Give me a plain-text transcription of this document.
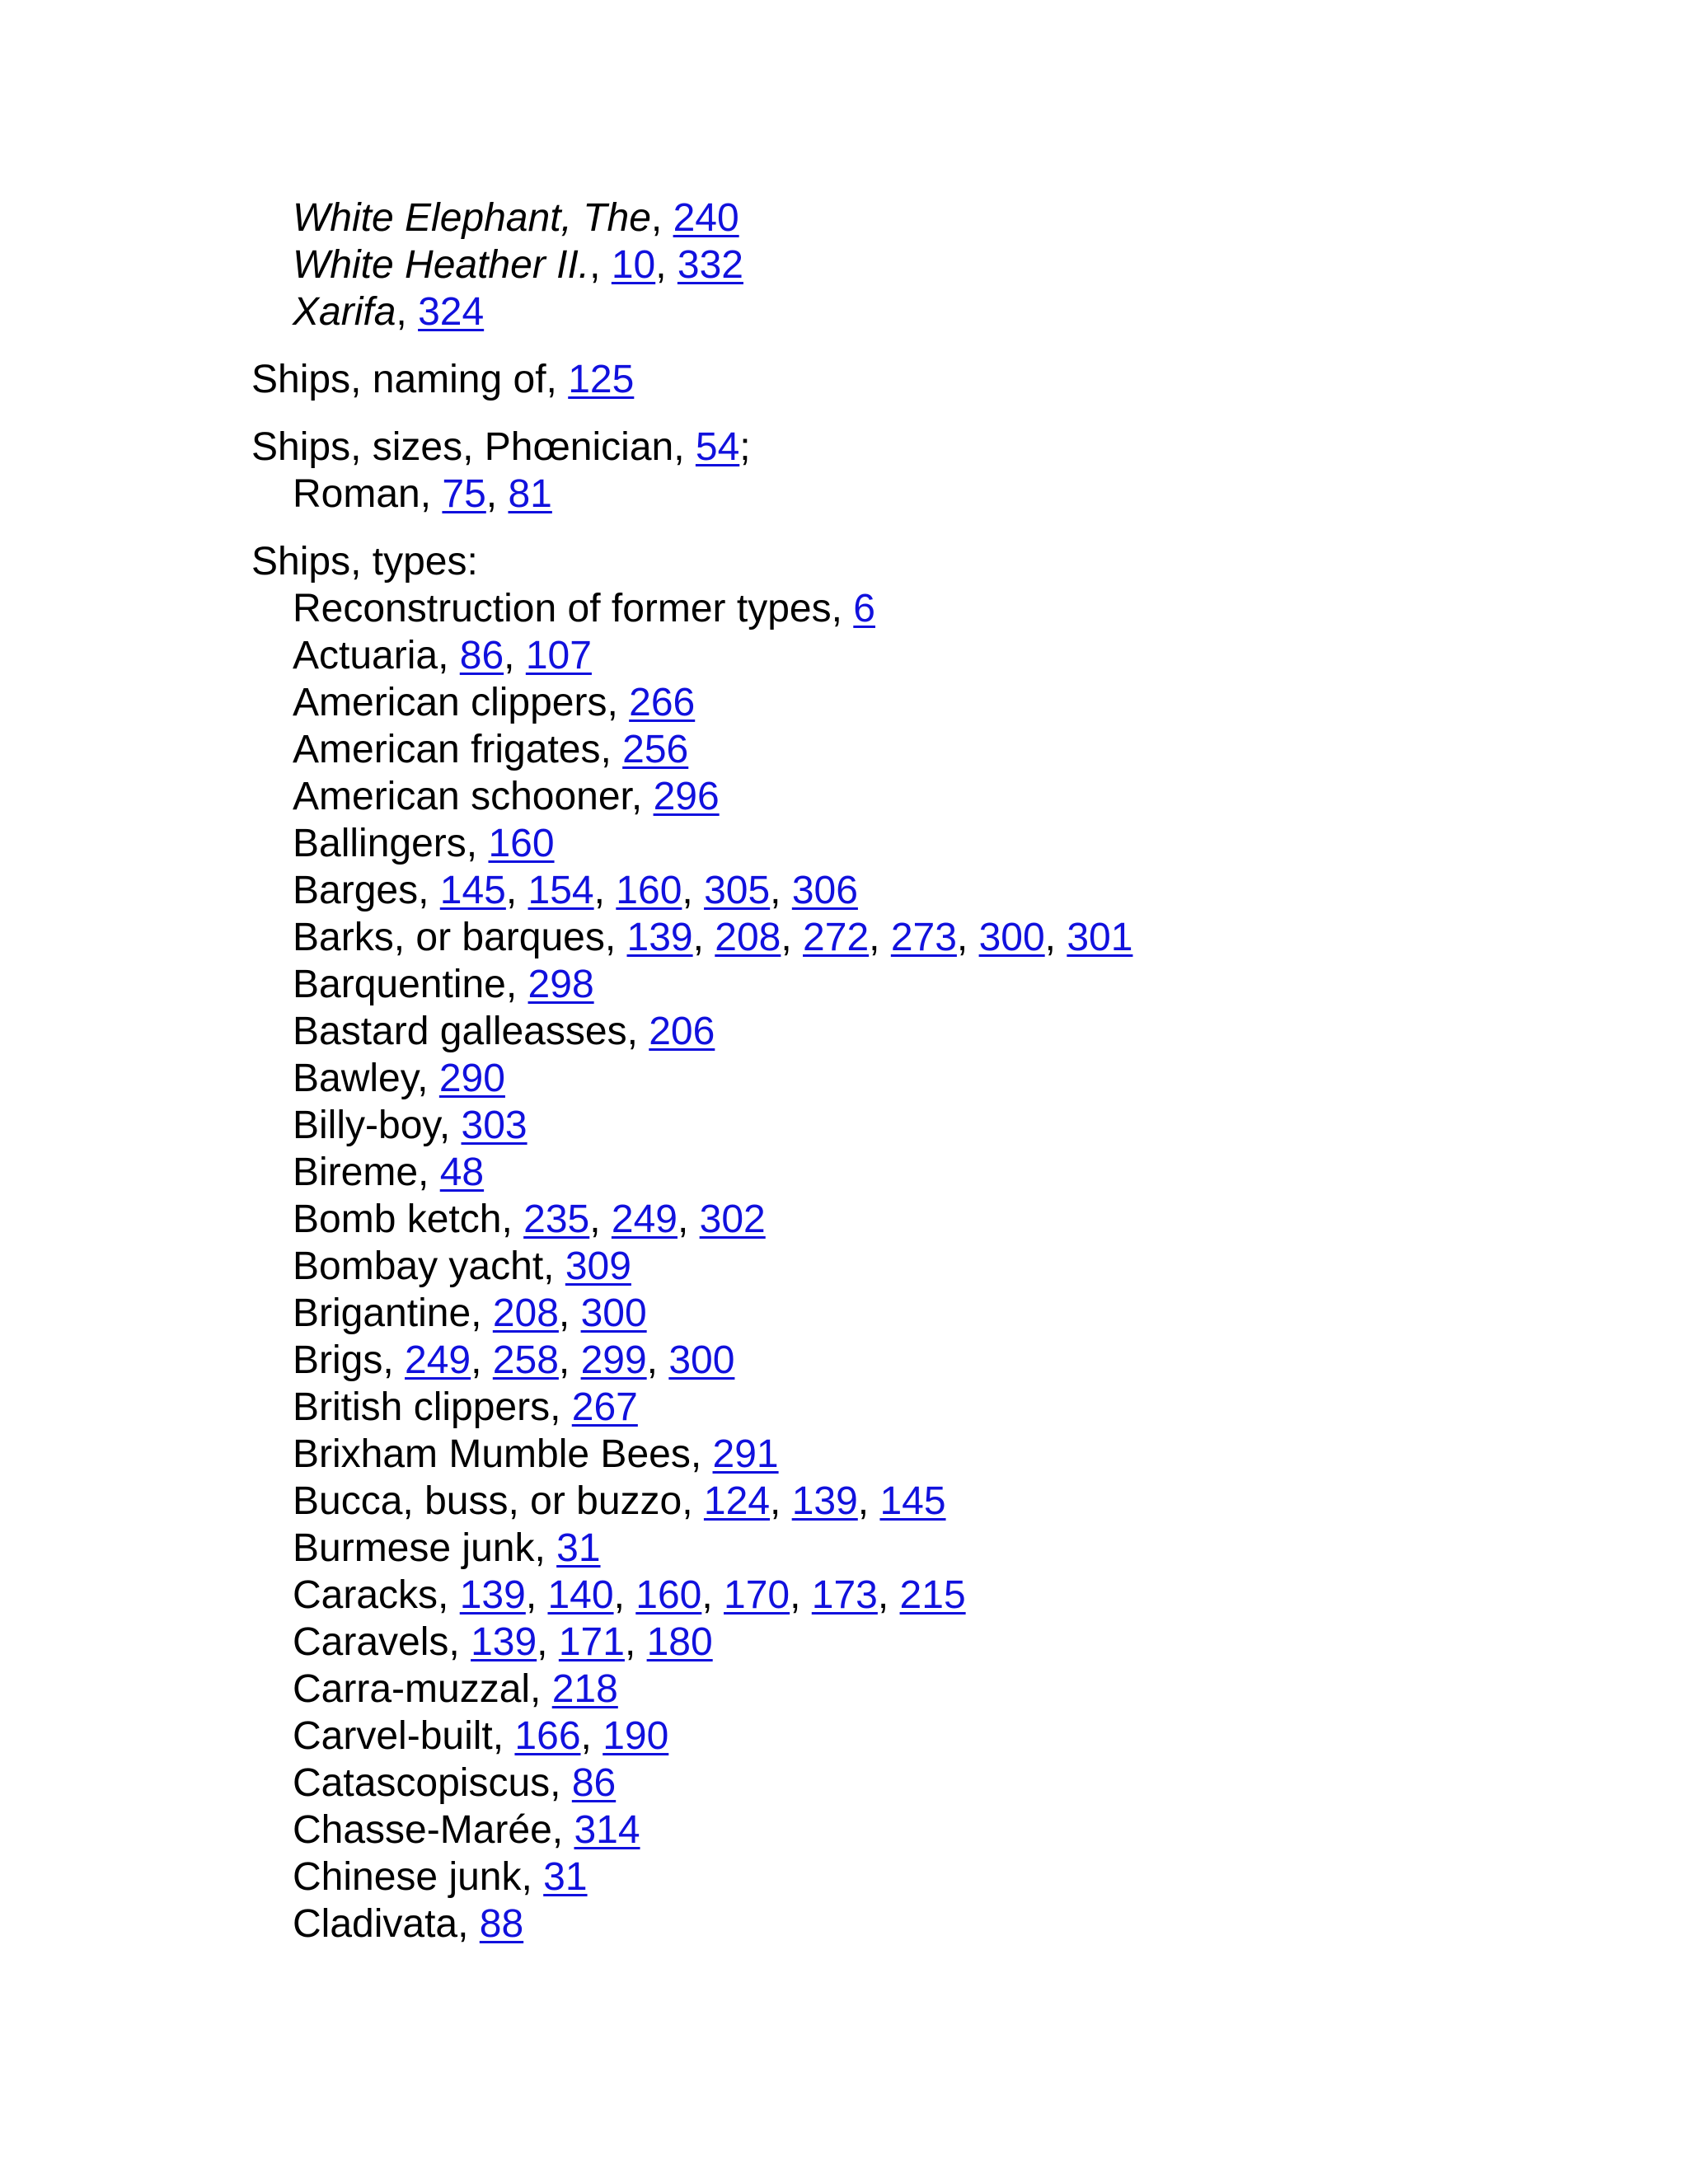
White Elephant, The, 240
White Heather II., 10, 332
Xarifa, 324
Ships, naming of, 125
Ships, sizes, Phœnician, 54;
Roman, 75, 81
Ships, types:
Reconstruction of former types, 6
Actuaria, 86, 107
American clippers, 266
American frigates, 256
American schooner, 296
Ballingers, 160
Barges, 145, 154, 160, 305, 306
Barks, or barques, 139, 208, 272, 273, 300, 301
Barquentine, 298
Bastard galleasses, 206
Bawley, 290
Billy-boy, 303
Bireme, 48
Bomb ketch, 235, 249, 302
Bombay yacht, 309
Brigantine, 208, 300
Brigs, 249, 258, 299, 300
British clippers, 267
Brixham Mumble Bees, 291
Bucca, buss, or buzzo, 124, 139, 145
Burmese junk, 31
Caracks, 139, 140, 160, 170, 173, 215
Caravels, 139, 171, 180
Carra-muzzal, 218
Carvel-built, 166, 190
Catascopiscus, 86
Chasse-Marée, 314
Chinese junk, 31
Cladivata, 88
